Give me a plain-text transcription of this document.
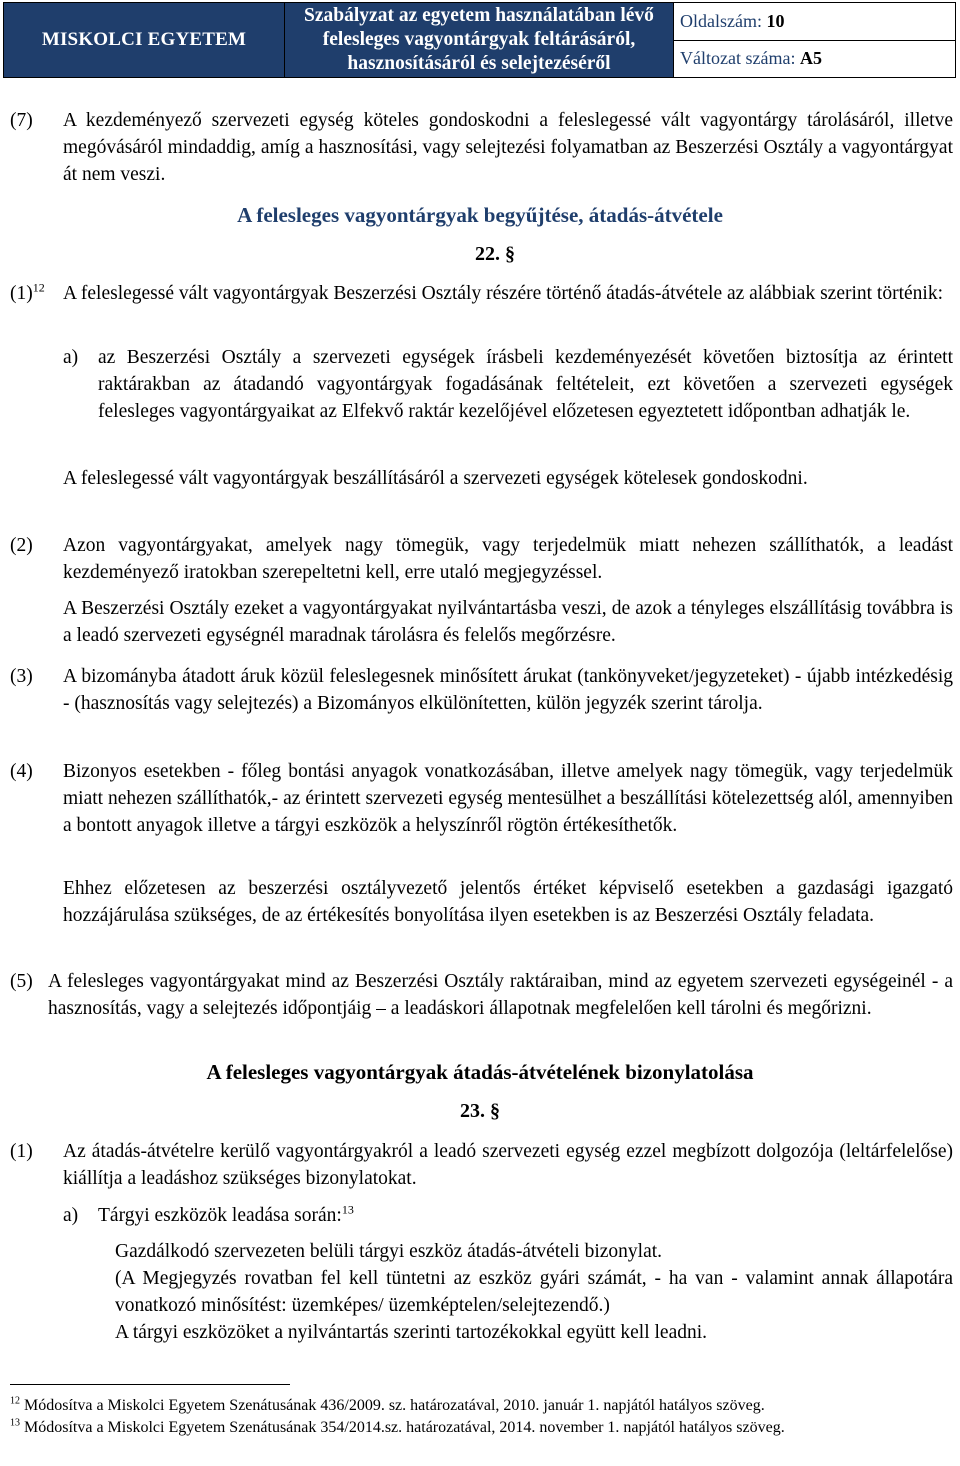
MISKOLCI EGYETEM	Szabályzat az egyetem használatában lévő felesleges vagyontárgyak feltárásáról, hasznosításáról és selejtezéséről	Oldalszám: 10
Változat száma: A5
(7) A kezdeményező szervezeti egység köteles gondoskodni a feleslegessé vált vagyontárgy tárolásáról, illetve megóvásáról mindaddig, amíg a hasznosítási, vagy selejtezési folyamatban az Beszerzési Osztály a vagyontárgyat át nem veszi.
A felesleges vagyontárgyak begyűjtése, átadás-átvétele
22. §
$(1)^{12}$ A feleslegessé vált vagyontárgyak Beszerzési Osztály részére történő átadás-átvétele az alábbiak szerint történik:
a) az Beszerzési Osztály a szervezeti egységek írásbeli kezdeményezését követően biztosítja az érintett raktárakban az átadandó vagyontárgyak fogadásának feltételeit, ezt követően a szervezeti egységek felesleges vagyontárgyaikat az Elfekvő raktár kezelőjével előzetesen egyeztetett időpontban adhatják le.
A feleslegessé vált vagyontárgyak beszállításáról a szervezeti egységek kötelesek gondoskodni.
(2) Azon vagyontárgyakat, amelyek nagy tömegük, vagy terjedelmük miatt nehezen szállíthatók, a leadást kezdeményező iratokban szerepeltetni kell, erre utaló megjegyzéssel.
A Beszerzési Osztály ezeket a vagyontárgyakat nyilvántartásba veszi, de azok a tényleges elszállításig továbbra is a leadó szervezeti egységnél maradnak tárolásra és felelős megőrzésre.
(3) A bizományba átadott áruk közül feleslegesnek minősített árukat (tankönyveket/jegyzeteket) - újabb intézkedésig - (hasznosítás vagy selejtezés) a Bizományos elkülönítetten, külön jegyzék szerint tárolja.
(4) Bizonyos esetekben - főleg bontási anyagok vonatkozásában, illetve amelyek nagy tömegük, vagy terjedelmük miatt nehezen szállíthatók,- az érintett szervezeti egység mentesülhet a beszállítási kötelezettség alól, amennyiben a bontott anyagok illetve a tárgyi eszközök a helyszínről rögtön értékesíthetők.
Ehhez előzetesen az beszerzési osztályvezető jelentős értéket képviselő esetekben a gazdasági igazgató hozzájárulása szükséges, de az értékesítés bonyolítása ilyen esetekben is az Beszerzési Osztály feladata.
(5) A felesleges vagyontárgyakat mind az Beszerzési Osztály raktáraiban, mind az egyetem szervezeti egységeinél - a hasznosítás, vagy a selejtezés időpontjáig – a leadáskori állapotnak megfelelően kell tárolni és megőrizni.
A felesleges vagyontárgyak átadás-átvételének bizonylatolása
23. §
(1) Az átadás-átvételre kerülő vagyontárgyakról a leadó szervezeti egység ezzel megbízott dolgozója (leltárfelelőse) kiállítja a leadáshoz szükséges bizonylatokat.
a) Tárgyi eszközök leadása során:$^{13}$
Gazdálkodó szervezeten belüli tárgyi eszköz átadás-átvételi bizonylat.
(A Megjegyzés rovatban fel kell tüntetni az eszköz gyári számát, - ha van - valamint annak állapotára vonatkozó minősítést: üzemképes/ üzemképtelen/selejtezendő.)
A tárgyi eszközöket a nyilvántartás szerinti tartozékokkal együtt kell leadni.
$^{12}$ Módosítva a Miskolci Egyetem Szenátusának 436/2009. sz. határozatával, 2010. január 1. napjától hatályos szöveg.
$^{13}$ Módosítva a Miskolci Egyetem Szenátusának 354/2014.sz. határozatával, 2014. november 1. napjától hatályos szöveg.
